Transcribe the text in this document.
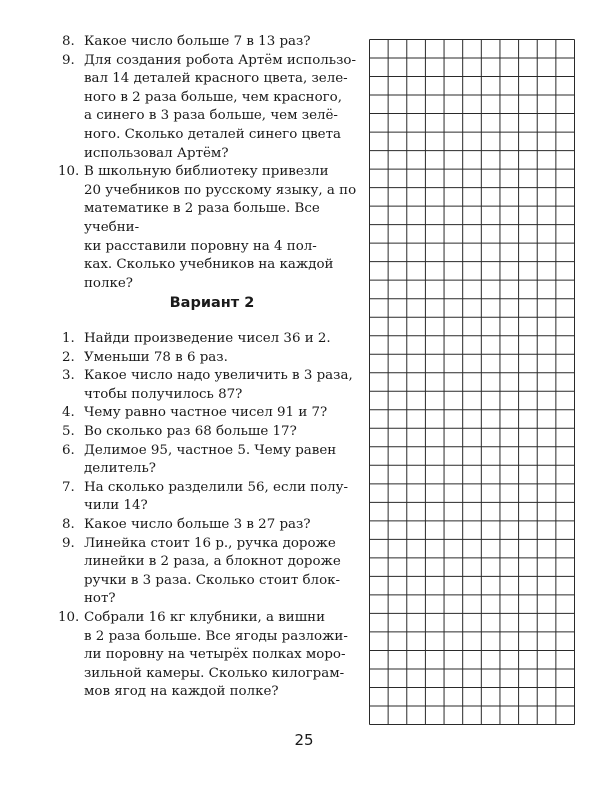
8. Какое число больше 7 в 13 раз?
9. Для создания робота Артём использо-
вал 14 деталей красного цвета, зеле-
ного в 2 раза больше, чем красного,
а синего в 3 раза больше, чем зелё-
ного. Сколько деталей синего цвета
использовал Артём?
10. В школьную библиотеку привезли
20 учебников по русскому языку, а по
математике в 2 раза больше. Все учебни-
ки расставили поровну на 4 пол-
ках. Сколько учебников на каждой
полке?
Вариант 2
1. Найди произведение чисел 36 и 2.
2. Уменьши 78 в 6 раз.
3. Какое число надо увеличить в 3 раза,
чтобы получилось 87?
4. Чему равно частное чисел 91 и 7?
5. Во сколько раз 68 больше 17?
6. Делимое 95, частное 5. Чему равен
делитель?
7. На сколько разделили 56, если полу-
чили 14?
8. Какое число больше 3 в 27 раз?
9. Линейка стоит 16 р., ручка дороже
линейки в 2 раза, а блокнот дороже
ручки в 3 раза. Сколько стоит блок-
нот?
10. Собрали 16 кг клубники, а вишни
в 2 раза больше. Все ягоды разложи-
ли поровну на четырёх полках моро-
зильной камеры. Сколько килограм-
мов ягод на каждой полке?
25
